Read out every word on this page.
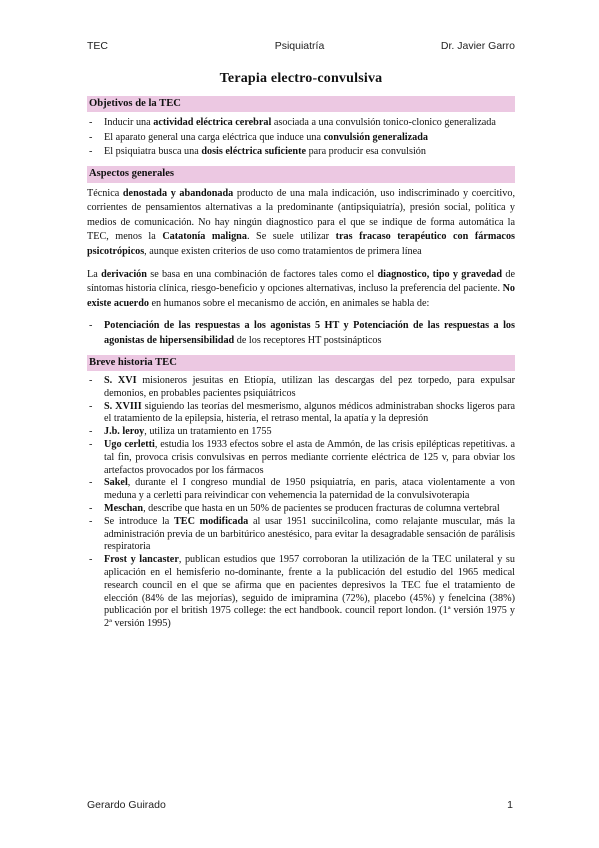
TEC	Psiquiatría	Dr. Javier Garro
Terapia electro-convulsiva
Objetivos de la TEC
- Inducir una actividad eléctrica cerebral asociada a una convulsión tonico-clonico generalizada
- El aparato general una carga eléctrica que induce una convulsión generalizada
- El psiquiatra busca una dosis eléctrica suficiente para producir esa convulsión
Aspectos generales

Técnica denostada y abandonada producto de una mala indicación, uso indiscriminado y coercitivo, corrientes de pensamientos alternativas a la predominante (antipsiquiatría), presión social, política y medios de comunicación. No hay ningún diagnostico para el que se indique de forma automática la TEC, menos la Catatonía maligna. Se suele utilizar tras fracaso terapéutico con fármacos psicotrópicos, aunque existen criterios de uso como tratamientos de primera línea

La derivación se basa en una combinación de factores tales como el diagnostico, tipo y gravedad de síntomas historia clínica, riesgo-beneficio y opciones alternativas, incluso la preferencia del paciente. No existe acuerdo en humanos sobre el mecanismo de acción, en animales se habla de:

- Potenciación de las respuestas a los agonistas 5 HT y Potenciación de las respuestas a los agonistas de hipersensibilidad de los receptores HT postsinápticos
Breve historia TEC
- S. XVI misioneros jesuitas en Etiopía, utilizan las descargas del pez torpedo, para expulsar demonios, en probables pacientes psiquiátricos
- S. XVIII siguiendo las teorías del mesmerismo, algunos médicos administraban shocks ligeros para el tratamiento de la epilepsia, histeria, el retraso mental, la apatía y la depresión
- J.b. leroy, utiliza un tratamiento en 1755
- Ugo cerletti, estudia los 1933 efectos sobre el asta de Ammón, de las crisis epilépticas repetitivas. a tal fin, provoca crisis convulsivas en perros mediante corriente eléctrica de 125 v, para obviar los artefactos provocados por los fármacos
- Sakel, durante el I congreso mundial de 1950 psiquiatría, en paris, ataca violentamente a von meduna y a cerletti para reivindicar con vehemencia la paternidad de la convulsivoterapia
- Meschan, describe que hasta en un 50% de pacientes se producen fracturas de columna vertebral
- Se introduce la TEC modificada al usar 1951 succinilcolina, como relajante muscular, más la administración previa de un barbitúrico anestésico, para evitar la desagradable sensación de parálisis respiratoria
- Frost y lancaster, publican estudios que 1957 corroboran la utilización de la TEC unilateral y su aplicación en el hemisferio no-dominante, frente a la publicación del estudio del 1965 medical research council en el que se afirma que en pacientes depresivos la TEC fue el tratamiento de elección (84% de las mejorías), seguido de imipramina (72%), placebo (45%) y fenelcina (38%) publicación por el british 1975 college: the ect handbook. council report london. (1ª versión 1975 y 2ª versión 1995)
Gerardo Guirado	1
